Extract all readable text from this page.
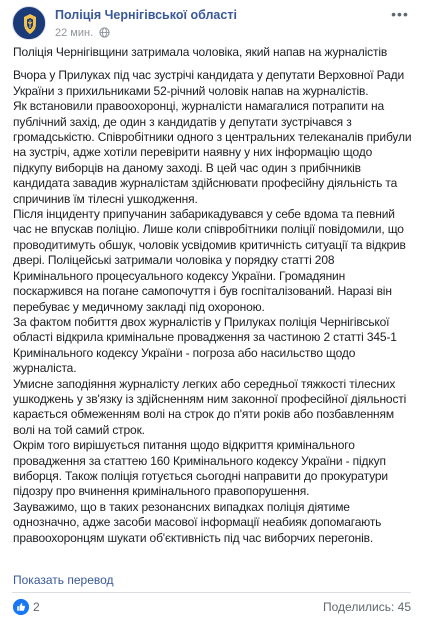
Поліція Чернігівської області
22 мин.
•••

Поліція Чернігівщини затримала чоловіка, який напав на журналістів

Вчора у Прилуках під час зустрічі кандидата у депутати Верховної Ради України з прихильниками 52-річний чоловік напав на журналістів.

Як встановили правоохоронці, журналісти намагалися потрапити на публічний захід, де один з кандидатів у депутати зустрічався з громадськістю. Співробітники одного з центральних телеканалів прибули на зустріч, адже хотіли перевірити наявну у них інформацію щодо підкупу виборців на даному заході. В цей час один з прибічників кандидата завадив журналістам здійснювати професійну діяльність та спричинив їм тілесні ушкодження.

Після інциденту припучанин забарикадувався у себе вдома та певний час не впускав поліцію. Лише коли співробітники поліції повідомили, що проводитимуть обшук, чоловік усвідомив критичність ситуації та відкрив двері. Поліцейські затримали чоловіка у порядку статті 208 Кримінального процесуального кодексу України. Громадянин поскаржився на погане самопочуття і був госпіталізований. Наразі він перебуває у медичному закладі під охороною.

За фактом побиття двох журналістів у Прилуках поліція Чернігівської області відкрила кримінальне провадження за частиною 2 статті 345-1 Кримінального кодексу України - погроза або насильство щодо журналіста.

Умисне заподіяння журналісту легких або середньої тяжкості тілесних ушкоджень у зв'язку із здійсненням ним законної професійної діяльності карається обмеженням волі на строк до п'яти років або позбавленням волі на той самий строк.

Окрім того вирішується питання щодо відкриття кримінального провадження за статтею 160 Кримінального кодексу України - підкуп виборця. Також поліція готується сьогодні направити до прокуратури підозру про вчинення кримінального правопорушення.

Зауважимо, що в таких резонансних випадках поліція діятиме однозначно, адже засоби масової інформації неабияк допомагають правоохоронцям шукати об'єктивність під час виборчих перегонів.

Показать перевод
2	Поделились: 45
